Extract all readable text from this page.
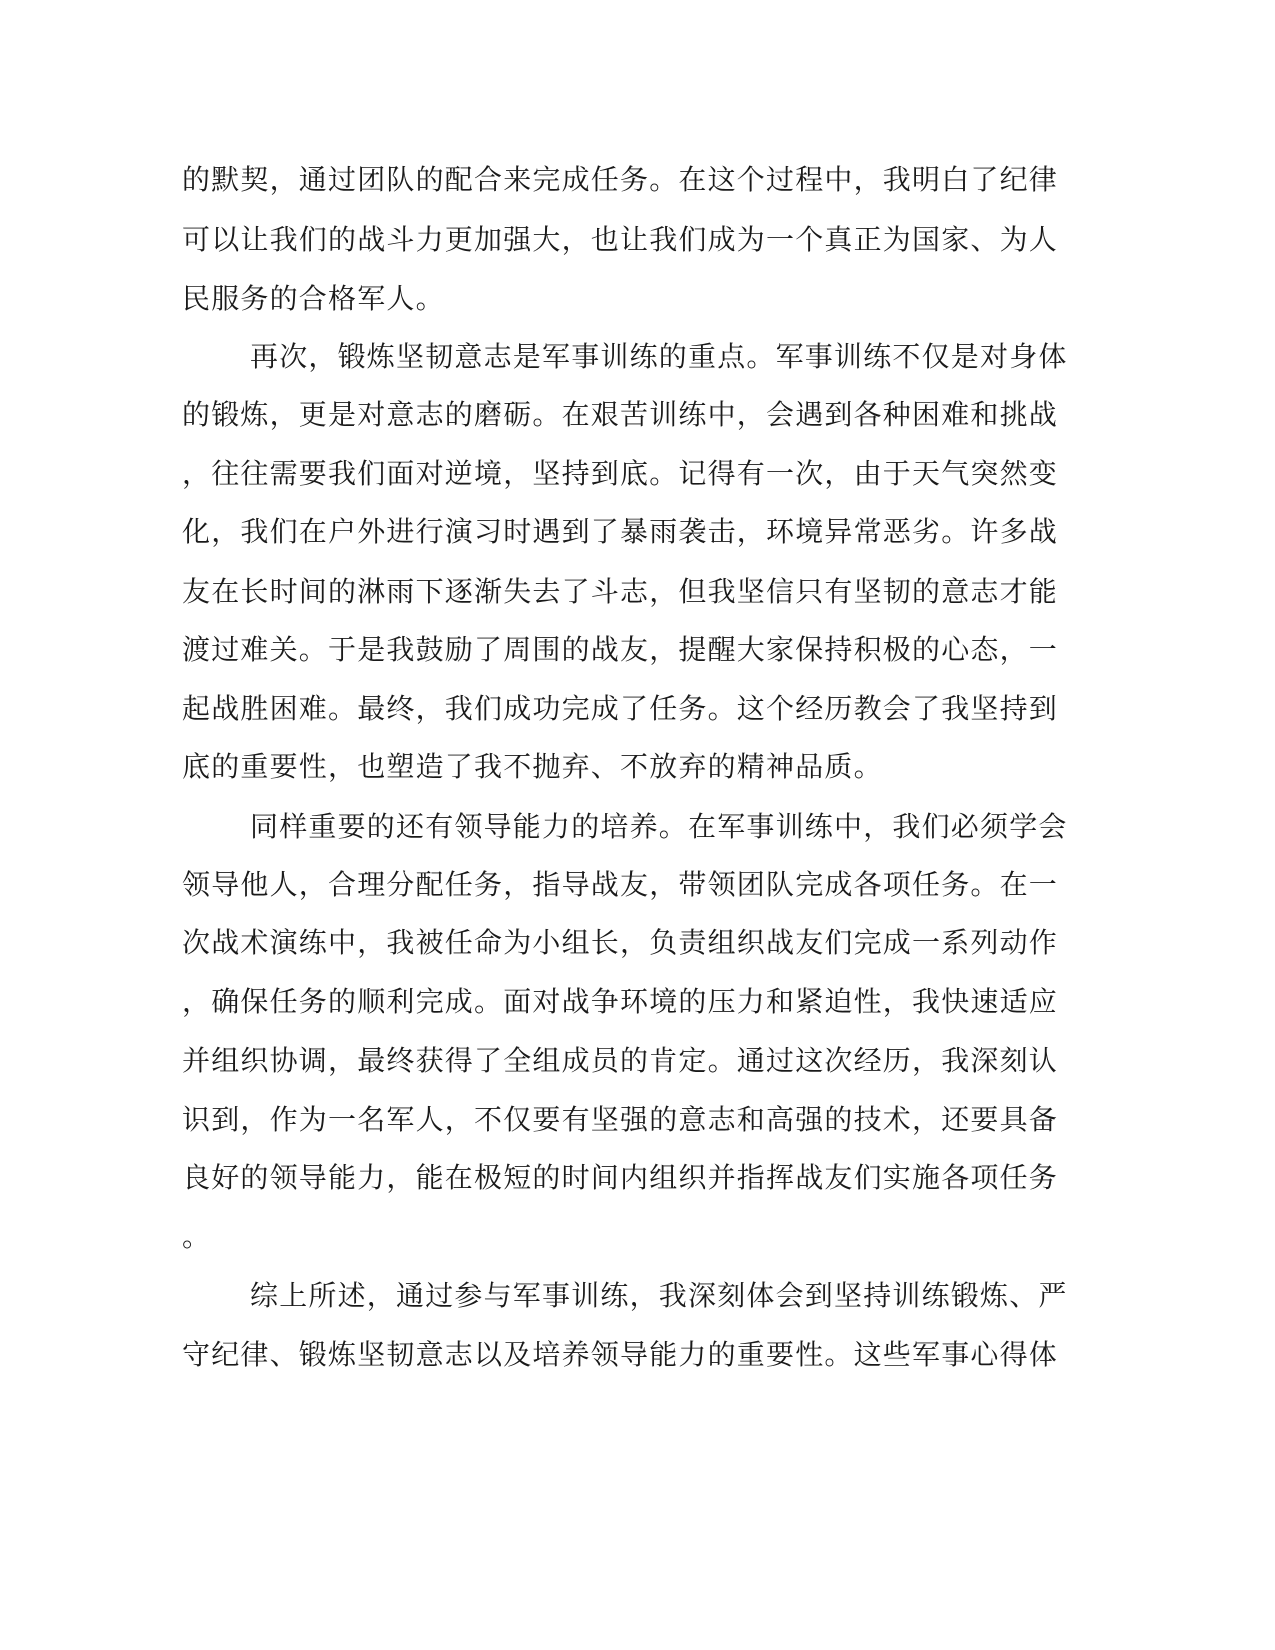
的默契，通过团队的配合来完成任务。在这个过程中，我明白了纪律
可以让我们的战斗力更加强大，也让我们成为一个真正为国家、为人
民服务的合格军人。
再次，锻炼坚韧意志是军事训练的重点。军事训练不仅是对身体
的锻炼，更是对意志的磨砺。在艰苦训练中，会遇到各种困难和挑战
，往往需要我们面对逆境，坚持到底。记得有一次，由于天气突然变
化，我们在户外进行演习时遇到了暴雨袭击，环境异常恶劣。许多战
友在长时间的淋雨下逐渐失去了斗志，但我坚信只有坚韧的意志才能
渡过难关。于是我鼓励了周围的战友，提醒大家保持积极的心态，一
起战胜困难。最终，我们成功完成了任务。这个经历教会了我坚持到
底的重要性，也塑造了我不抛弃、不放弃的精神品质。
同样重要的还有领导能力的培养。在军事训练中，我们必须学会
领导他人，合理分配任务，指导战友，带领团队完成各项任务。在一
次战术演练中，我被任命为小组长，负责组织战友们完成一系列动作
，确保任务的顺利完成。面对战争环境的压力和紧迫性，我快速适应
并组织协调，最终获得了全组成员的肯定。通过这次经历，我深刻认
识到，作为一名军人，不仅要有坚强的意志和高强的技术，还要具备
良好的领导能力，能在极短的时间内组织并指挥战友们实施各项任务
。
综上所述，通过参与军事训练，我深刻体会到坚持训练锻炼、严
守纪律、锻炼坚韧意志以及培养领导能力的重要性。这些军事心得体
